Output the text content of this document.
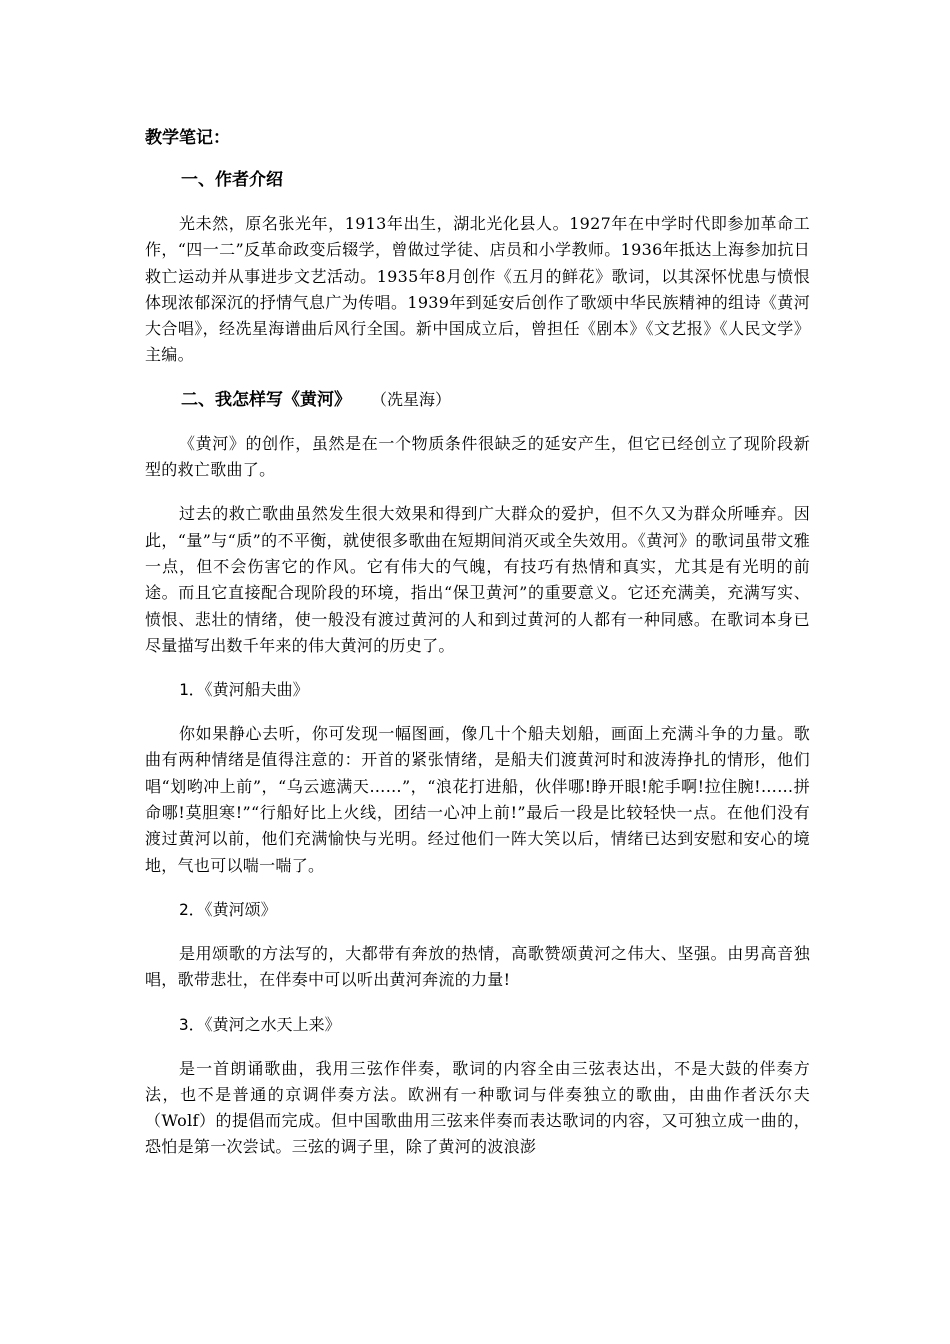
教学笔记：
一、作者介绍

光未然，原名张光年，1913年出生，湖北光化县人。1927年在中学时代即参加革命工作，“四一二”反革命政变后辍学，曾做过学徒、店员和小学教师。1936年抵达上海参加抗日救亡运动并从事进步文艺活动。1935年8月创作《五月的鲜花》歌词，以其深怀忧患与愤恨体现浓郁深沉的抒情气息广为传唱。1939年到延安后创作了歌颂中华民族精神的组诗《黄河大合唱》，经冼星海谱曲后风行全国。新中国成立后，曾担任《剧本》《文艺报》《人民文学》主编。

二、我怎样写《黄河》 （冼星海）

《黄河》的创作，虽然是在一个物质条件很缺乏的延安产生，但它已经创立了现阶段新型的救亡歌曲了。

过去的救亡歌曲虽然发生很大效果和得到广大群众的爱护，但不久又为群众所唾弃。因此，“量”与“质”的不平衡，就使很多歌曲在短期间消灭或全失效用。《黄河》的歌词虽带文雅一点，但不会伤害它的作风。它有伟大的气魄，有技巧有热情和真实，尤其是有光明的前途。而且它直接配合现阶段的环境，指出“保卫黄河”的重要意义。它还充满美，充满写实、愤恨、悲壮的情绪，使一般没有渡过黄河的人和到过黄河的人都有一种同感。在歌词本身已尽量描写出数千年来的伟大黄河的历史了。

1．《黄河船夫曲》

你如果静心去听，你可发现一幅图画，像几十个船夫划船，画面上充满斗争的力量。歌曲有两种情绪是值得注意的：开首的紧张情绪，是船夫们渡黄河时和波涛挣扎的情形，他们唱“划哟冲上前”，“乌云遮满天……”，“浪花打进船，伙伴哪!睁开眼!舵手啊!拉住腕!……拼命哪!莫胆寒!”“行船好比上火线，团结一心冲上前!”最后一段是比较轻快一点。在他们没有渡过黄河以前，他们充满愉快与光明。经过他们一阵大笑以后，情绪已达到安慰和安心的境地，气也可以喘一喘了。

2．《黄河颂》

是用颂歌的方法写的，大都带有奔放的热情，高歌赞颂黄河之伟大、坚强。由男高音独唱，歌带悲壮，在伴奏中可以听出黄河奔流的力量!

3．《黄河之水天上来》

是一首朗诵歌曲，我用三弦作伴奏，歌词的内容全由三弦表达出，不是大鼓的伴奏方法，也不是普通的京调伴奏方法。欧洲有一种歌词与伴奏独立的歌曲，由曲作者沃尔夫（Wolf）的提倡而完成。但中国歌曲用三弦来伴奏而表达歌词的内容，又可独立成一曲的，恐怕是第一次尝试。三弦的调子里，除了黄河的波浪澎
